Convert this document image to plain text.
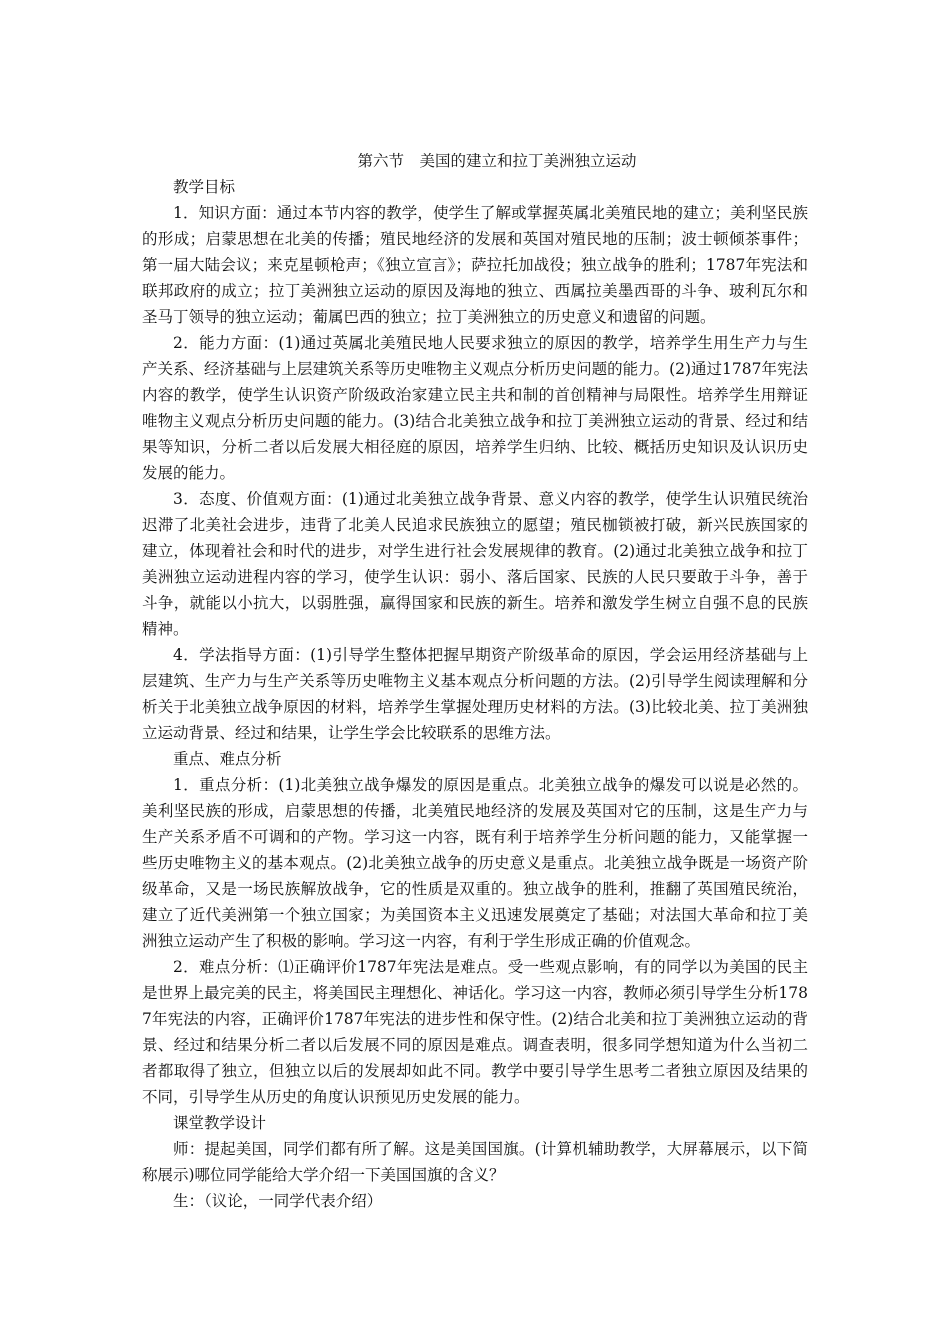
第六节　美国的建立和拉丁美洲独立运动

教学目标

1．知识方面：通过本节内容的教学，使学生了解或掌握英属北美殖民地的建立；美利坚民族的形成；启蒙思想在北美的传播；殖民地经济的发展和英国对殖民地的压制；波士顿倾茶事件；第一届大陆会议；来克星顿枪声；《独立宣言》；萨拉托加战役；独立战争的胜利；1787年宪法和联邦政府的成立；拉丁美洲独立运动的原因及海地的独立、西属拉美墨西哥的斗争、玻利瓦尔和圣马丁领导的独立运动；葡属巴西的独立；拉丁美洲独立的历史意义和遗留的问题。

2．能力方面：(1)通过英属北美殖民地人民要求独立的原因的教学，培养学生用生产力与生产关系、经济基础与上层建筑关系等历史唯物主义观点分析历史问题的能力。(2)通过1787年宪法内容的教学，使学生认识资产阶级政治家建立民主共和制的首创精神与局限性。培养学生用辩证唯物主义观点分析历史问题的能力。(3)结合北美独立战争和拉丁美洲独立运动的背景、经过和结果等知识，分析二者以后发展大相径庭的原因，培养学生归纳、比较、概括历史知识及认识历史发展的能力。

3．态度、价值观方面：(1)通过北美独立战争背景、意义内容的教学，使学生认识殖民统治迟滞了北美社会进步，违背了北美人民追求民族独立的愿望；殖民枷锁被打破，新兴民族国家的建立，体现着社会和时代的进步，对学生进行社会发展规律的教育。(2)通过北美独立战争和拉丁美洲独立运动进程内容的学习，使学生认识：弱小、落后国家、民族的人民只要敢于斗争，善于斗争，就能以小抗大，以弱胜强，赢得国家和民族的新生。培养和激发学生树立自强不息的民族精神。

4．学法指导方面：(1)引导学生整体把握早期资产阶级革命的原因，学会运用经济基础与上层建筑、生产力与生产关系等历史唯物主义基本观点分析问题的方法。(2)引导学生阅读理解和分析关于北美独立战争原因的材料，培养学生掌握处理历史材料的方法。(3)比较北美、拉丁美洲独立运动背景、经过和结果，让学生学会比较联系的思维方法。

重点、难点分析

1．重点分析：(1)北美独立战争爆发的原因是重点。北美独立战争的爆发可以说是必然的。美利坚民族的形成，启蒙思想的传播，北美殖民地经济的发展及英国对它的压制，这是生产力与生产关系矛盾不可调和的产物。学习这一内容，既有利于培养学生分析问题的能力，又能掌握一些历史唯物主义的基本观点。(2)北美独立战争的历史意义是重点。北美独立战争既是一场资产阶级革命，又是一场民族解放战争，它的性质是双重的。独立战争的胜利，推翻了英国殖民统治，建立了近代美洲第一个独立国家；为美国资本主义迅速发展奠定了基础；对法国大革命和拉丁美洲独立运动产生了积极的影响。学习这一内容，有利于学生形成正确的价值观念。

2．难点分析：⑴正确评价1787年宪法是难点。受一些观点影响，有的同学以为美国的民主是世界上最完美的民主，将美国民主理想化、神话化。学习这一内容，教师必须引导学生分析1787年宪法的内容，正确评价1787年宪法的进步性和保守性。(2)结合北美和拉丁美洲独立运动的背景、经过和结果分析二者以后发展不同的原因是难点。调查表明，很多同学想知道为什么当初二者都取得了独立，但独立以后的发展却如此不同。教学中要引导学生思考二者独立原因及结果的不同，引导学生从历史的角度认识预见历史发展的能力。

课堂教学设计

师：提起美国，同学们都有所了解。这是美国国旗。(计算机辅助教学，大屏幕展示，以下简称展示)哪位同学能给大学介绍一下美国国旗的含义？

生：（议论，一同学代表介绍）
